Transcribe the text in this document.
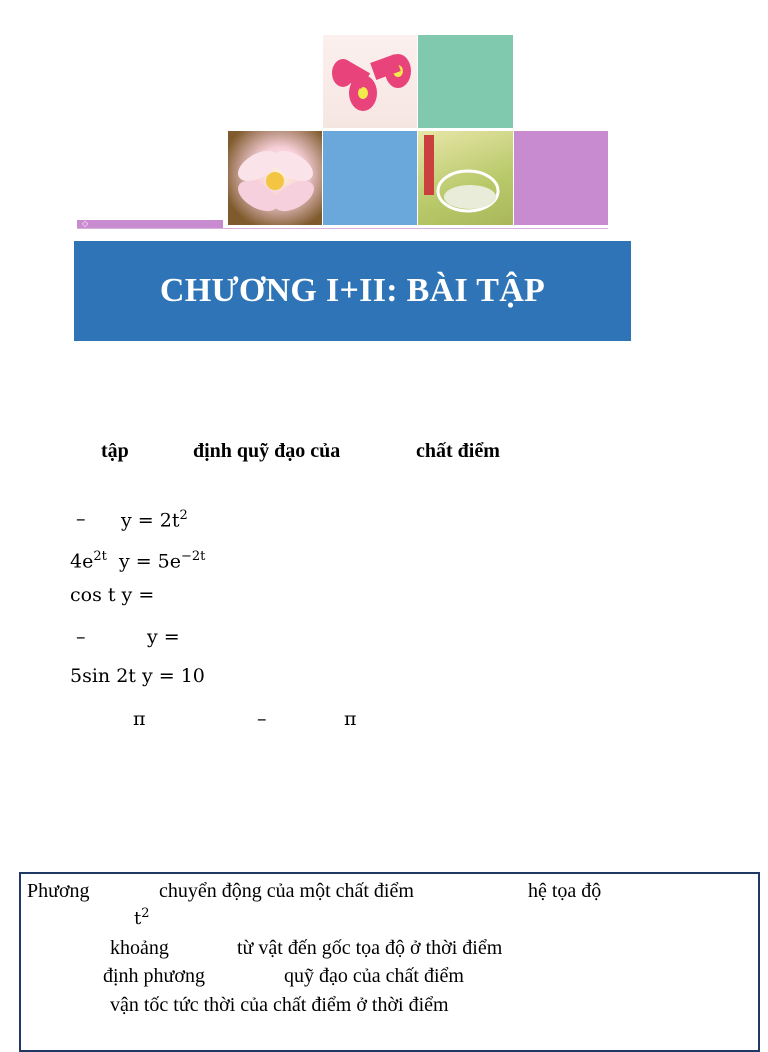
◇
CHƯƠNG I+II: BÀI TẬP
tập	định quỹ đạo của	chất điểm
– $y = 2t^2$
$4e^{2t}$ $y = 5e^{-2t}$
cos t y =
–	y =
5sin 2t y = 10
π	–	π
Phương	chuyển động của một chất điểm	hệ tọa độ
$t^2$
khoảng	từ vật đến gốc tọa độ ở thời điểm
định phương	quỹ đạo của chất điểm
vận tốc tức thời của chất điểm ở thời điểm
